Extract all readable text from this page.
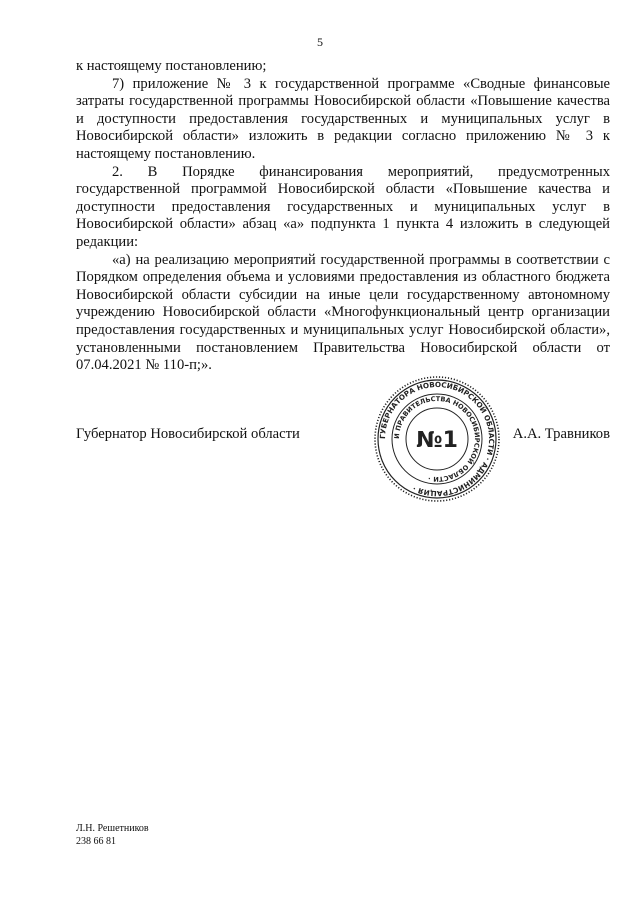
5

к настоящему постановлению;

7) приложение № 3 к государственной программе «Сводные финансовые затраты государственной программы Новосибирской области «Повышение качества и доступности предоставления государственных и муниципальных услуг в Новосибирской области» изложить в редакции согласно приложению № 3 к настоящему постановлению.

2. В Порядке финансирования мероприятий, предусмотренных государственной программой Новосибирской области «Повышение качества и доступности предоставления государственных и муниципальных услуг в Новосибирской области» абзац «а» подпункта 1 пункта 4 изложить в следующей редакции:

«а) на реализацию мероприятий государственной программы в соответствии с Порядком определения объема и условиями предоставления из областного бюджета Новосибирской области субсидии на иные цели государственному автономному учреждению Новосибирской области «Многофункциональный центр организации предоставления государственных и муниципальных услуг Новосибирской области», установленными постановлением Правительства Новосибирской области от 07.04.2021 № 110-п;».

Губернатор Новосибирской области	ГУБЕРНАТОРА НОВОСИБИРСКОЙ ОБЛАСТИ · АДМИНИСТРАЦИЯ ·
И ПРАВИТЕЛЬСТВА НОВОСИБИРСКОЙ ОБЛАСТИ ·
№1	А.А. Травников
Л.Н. Решетников
238 66 81
